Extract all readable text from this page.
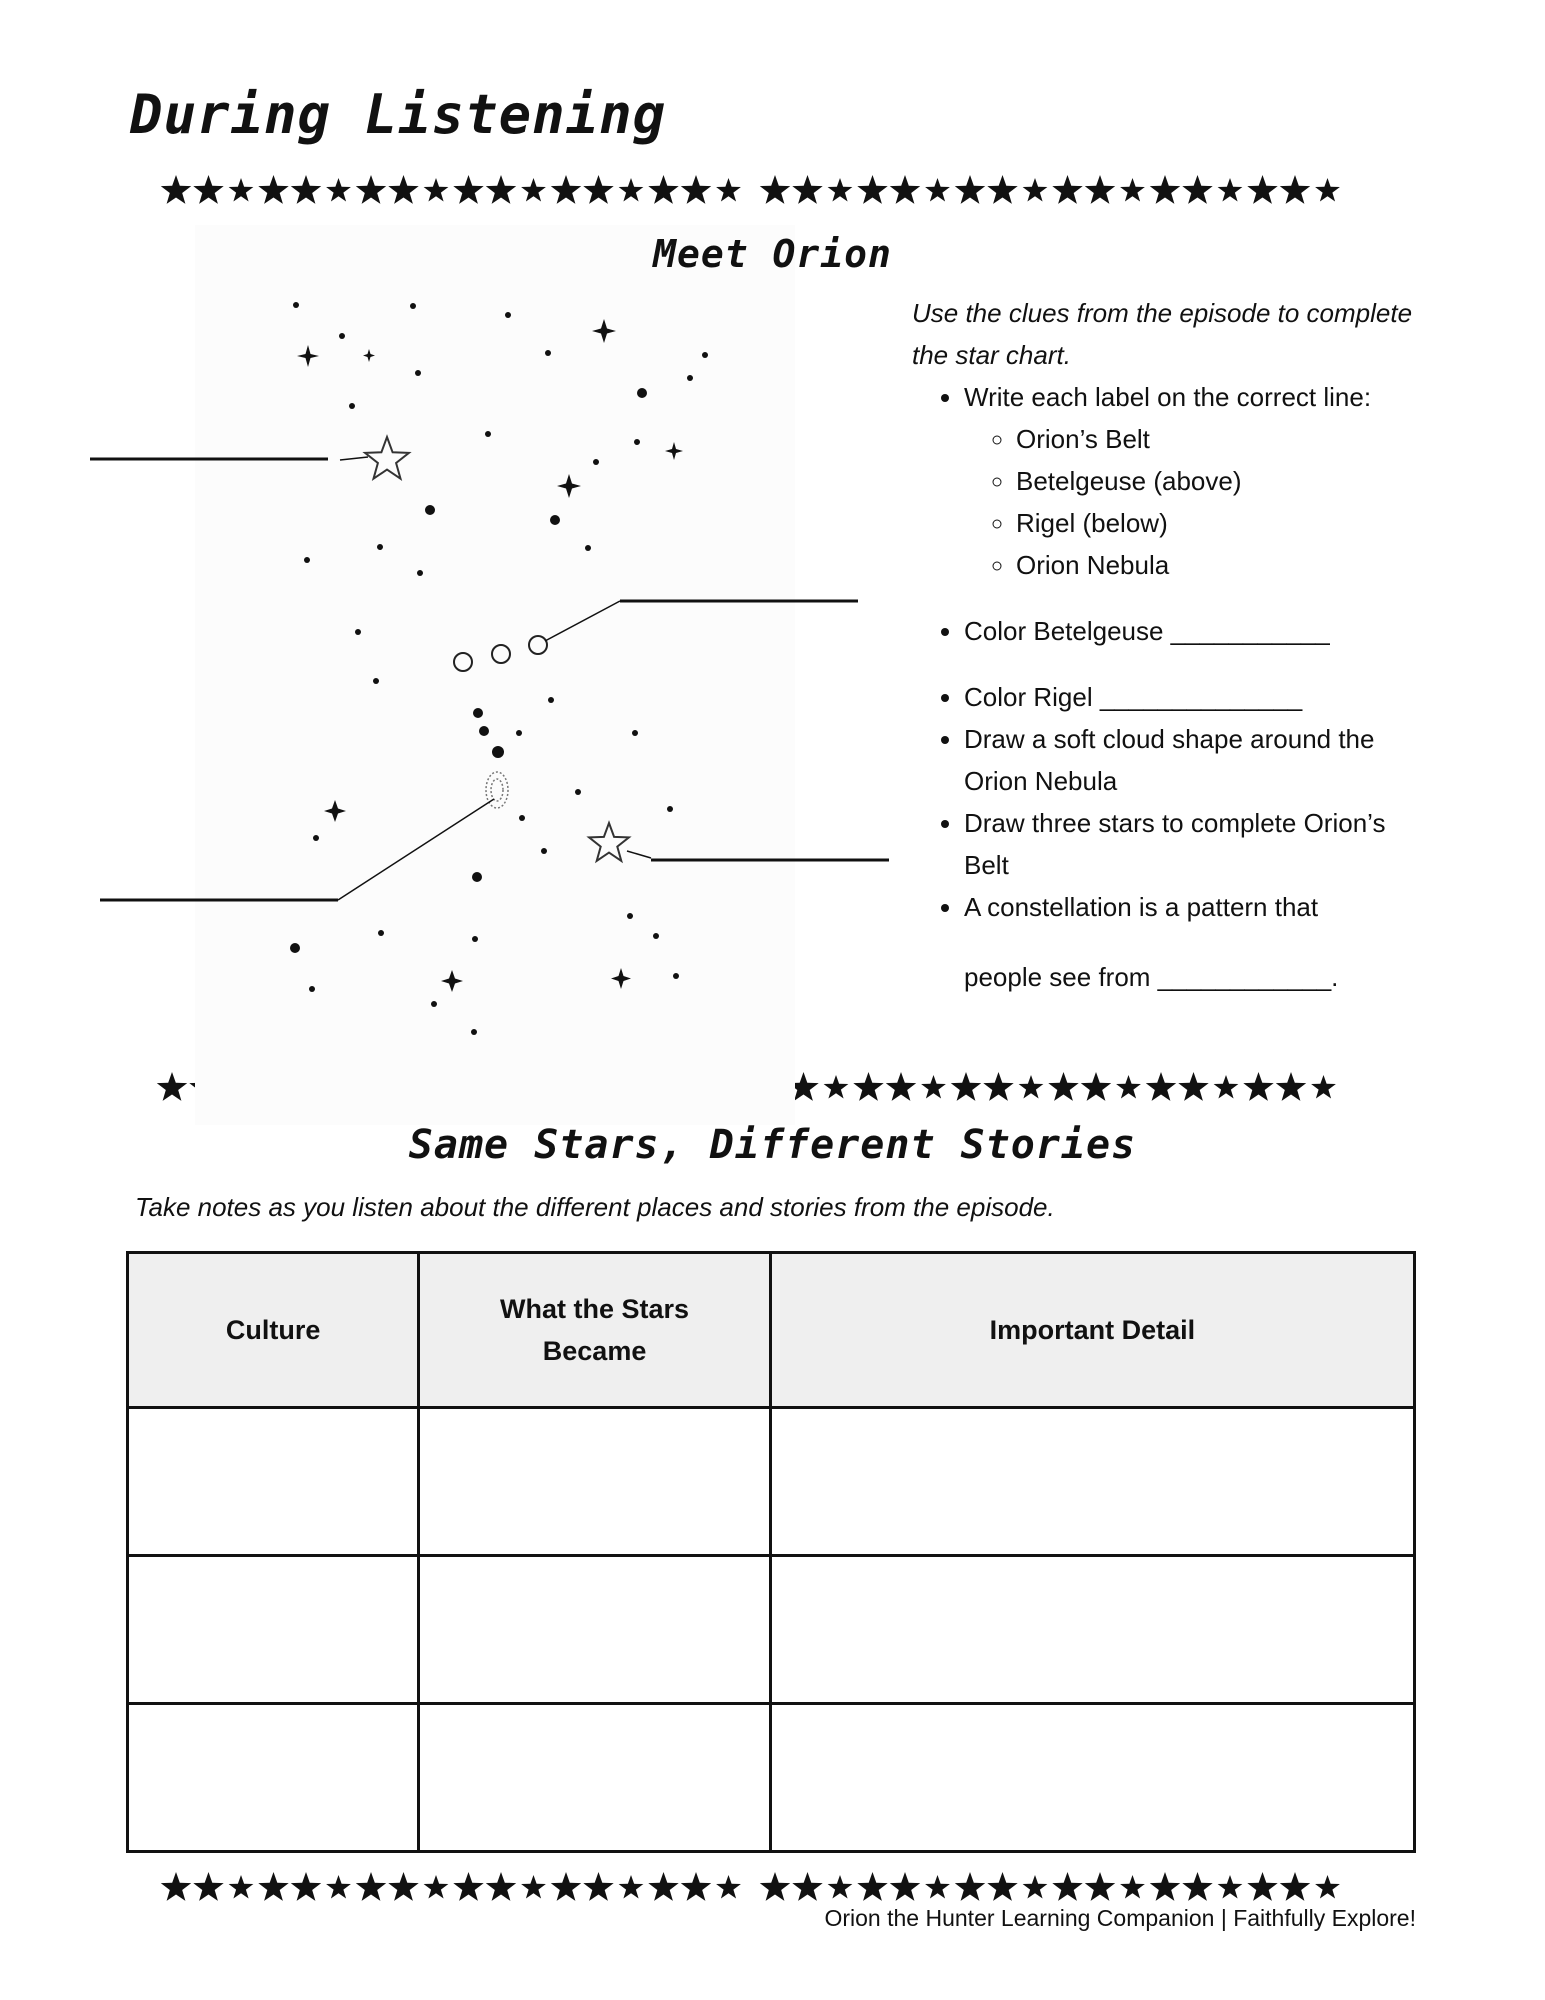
During Listening
Meet Orion
Use the clues from the episode to complete the star chart.
• Write each label on the correct line:
◦ Orion’s Belt
◦ Betelgeuse (above)
◦ Rigel (below)
◦ Orion Nebula
• Color Betelgeuse ___________
• Color Rigel ______________
• Draw a soft cloud shape around the Orion Nebula
• Draw three stars to complete Orion’s Belt
• A constellation is a pattern that
people see from ____________.
Same Stars, Different Stories
Take notes as you listen about the different places and stories from the episode.
Culture	What the Stars Became	Important Detail

Orion the Hunter Learning Companion | Faithfully Explore!
